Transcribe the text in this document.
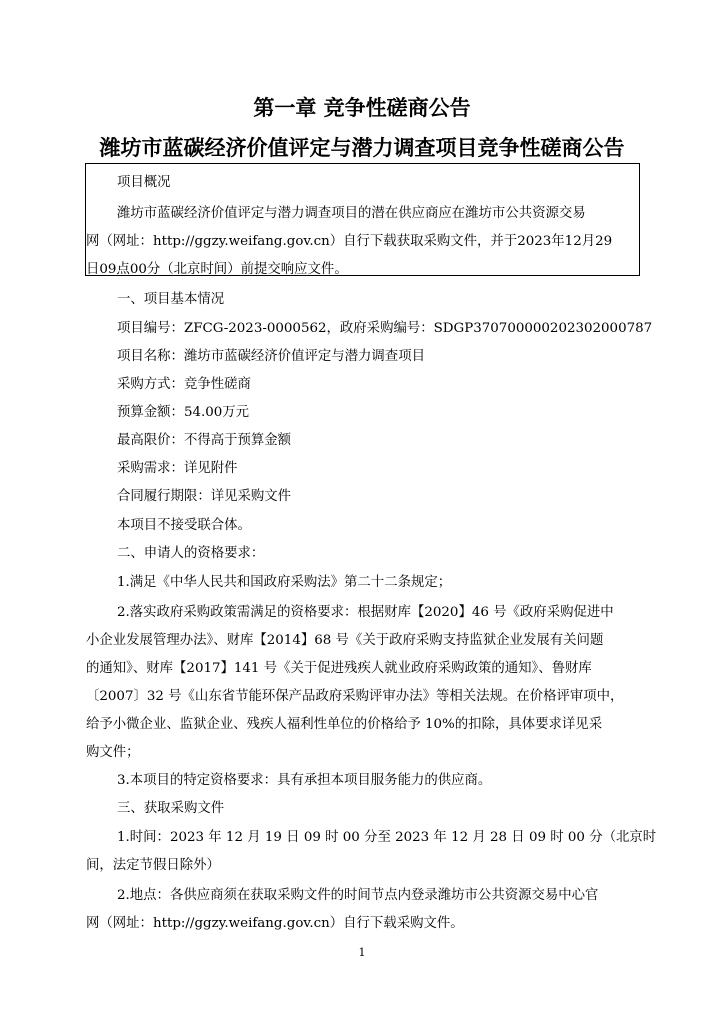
第一章 竞争性磋商公告
潍坊市蓝碳经济价值评定与潜力调查项目竞争性磋商公告
项目概况
潍坊市蓝碳经济价值评定与潜力调查项目的潜在供应商应在潍坊市公共资源交易
网（网址：http://ggzy.weifang.gov.cn）自行下载获取采购文件，并于2023年12月29
日09点00分（北京时间）前提交响应文件。
一、项目基本情况
项目编号：ZFCG-2023-0000562，政府采购编号：SDGP370700000202302000787
项目名称：潍坊市蓝碳经济价值评定与潜力调查项目
采购方式：竞争性磋商
预算金额：54.00万元
最高限价：不得高于预算金额
采购需求：详见附件
合同履行期限：详见采购文件
本项目不接受联合体。
二、申请人的资格要求：
1.满足《中华人民共和国政府采购法》第二十二条规定；
2.落实政府采购政策需满足的资格要求：根据财库【2020】46 号《政府采购促进中
小企业发展管理办法》、财库【2014】68 号《关于政府采购支持监狱企业发展有关问题
的通知》、财库【2017】141 号《关于促进残疾人就业政府采购政策的通知》、鲁财库
〔2007〕32 号《山东省节能环保产品政府采购评审办法》等相关法规。在价格评审项中，
给予小微企业、监狱企业、残疾人福利性单位的价格给予 10%的扣除，具体要求详见采
购文件；
3.本项目的特定资格要求：具有承担本项目服务能力的供应商。
三、获取采购文件
1.时间：2023 年 12 月 19 日 09 时 00 分至 2023 年 12 月 28 日 09 时 00 分（北京时
间，法定节假日除外）
2.地点：各供应商须在获取采购文件的时间节点内登录潍坊市公共资源交易中心官
网（网址：http://ggzy.weifang.gov.cn）自行下载采购文件。
1
